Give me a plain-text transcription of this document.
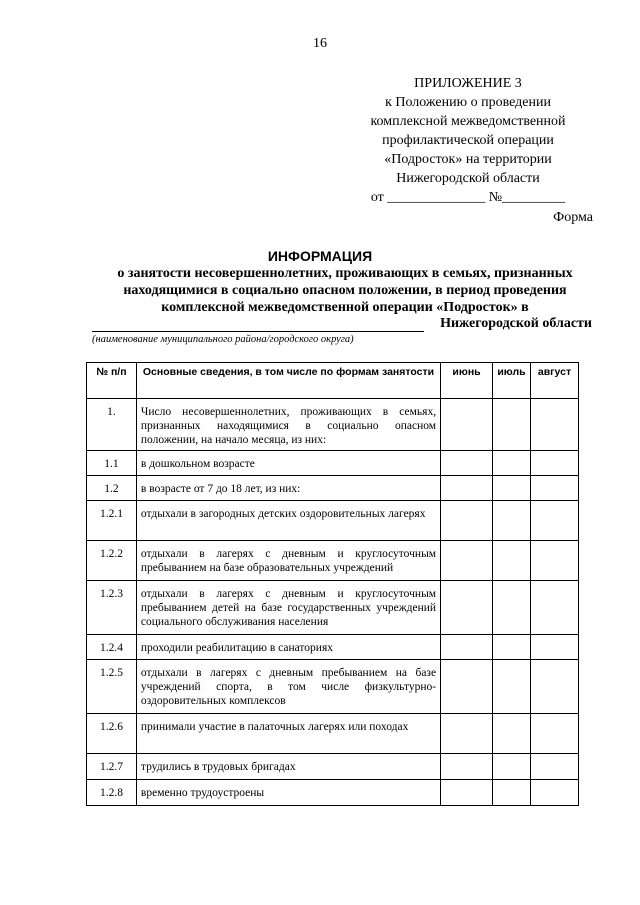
16
ПРИЛОЖЕНИЕ 3
к Положению о проведении
комплексной межведомственной
профилактической операции
«Подросток» на территории
Нижегородской области
от ______________ №_________
Форма
ИНФОРМАЦИЯ
о занятости несовершеннолетних, проживающих в семьях, признанных
находящимися в социально опасном положении, в период проведения
комплексной межведомственной операции «Подросток» в
Нижегородской области
(наименование муниципального района/городского округа)
№ п/п	Основные сведения, в том числе по формам занятости	июнь	июль	август
1.	Число несовершеннолетних, проживающих в семьях, признанных находящимися в социально опасном положении, на начало месяца, из них:			
1.1	в дошкольном возрасте			
1.2	в возрасте от 7 до 18 лет, из них:			
1.2.1	отдыхали в загородных детских оздоровительных лагерях			
1.2.2	отдыхали в лагерях с дневным и круглосуточным пребыванием на базе образовательных учреждений			
1.2.3	отдыхали в лагерях с дневным и круглосуточным пребыванием детей на базе государственных учреждений социального обслуживания населения			
1.2.4	проходили реабилитацию в санаториях			
1.2.5	отдыхали в лагерях с дневным пребыванием на базе учреждений спорта, в том числе физкультурно-оздоровительных комплексов			
1.2.6	принимали участие в палаточных лагерях или походах			
1.2.7	трудились в трудовых бригадах			
1.2.8	временно трудоустроены			
